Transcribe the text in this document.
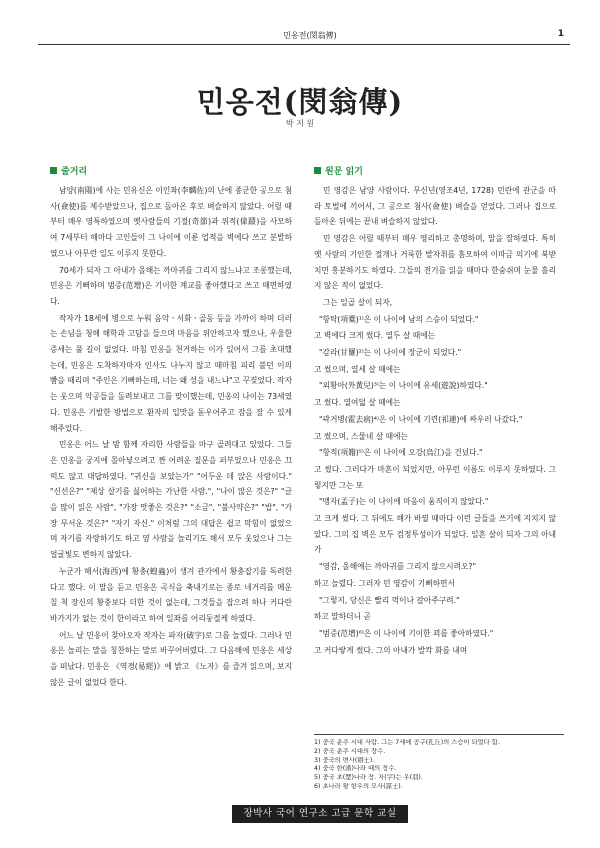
민옹전(閔翁傳)	1
민옹전(閔翁傳)
박 지 원
줄거리

남양(南陽)에 사는 민유신은 이인좌(李麟佐)의 난에 종군한 공으로 첨사(僉使)를 제수받았으나, 집으로 돌아온 후로 벼슬하지 않았다. 어릴 때부터 매우 영특하였으며 옛사람들의 기절(奇節)과 위적(偉蹟)을 사모하여 7세부터 해마다 고인들이 그 나이에 이룬 업적을 벽에다 쓰고 분발하였으나 아무런 일도 이루지 못한다.

70세가 되자 그 아내가 올해는 까마귀를 그리지 않느냐고 조롱했는데, 민옹은 기뻐하며 범증(范增)은 기이한 계교를 좋아했다고 쓰고 때면하였다.

작자가 18세에 병으로 누워 음악ㆍ서화ㆍ골동 등을 가까이 하며 더러는 손님을 청해 해학과 고담을 들으며 마음을 위안하고자 했으나, 우울한 증세는 풀 길이 없었다. 마침 민옹을 천거하는 이가 있어서 그를 초대했는데, 민옹은 도착하자마자 인사도 나누지 않고 때마침 피리 불던 이의 뺨을 때리며 "주인은 기뻐하는데, 너는 왜 성을 내느냐"고 꾸짖었다. 작자는 웃으며 악공들을 돌려보내고 그를 맞이했는데, 민옹의 나이는 73세였다. 민옹은 기발한 방법으로 환자의 입맛을 돋우어주고 잠을 잘 수 있게 해주었다.

민옹은 어느 날 밤 함께 자리한 사람들을 마구 골려대고 있었다. 그들은 민옹을 궁지에 몰아넣으려고 짠 어려운 질문을 퍼부었으나 민옹은 끄떡도 않고 대답하였다. "귀신을 보았는가" "어두운 데 앉은 사람이다." "신선은?" "제상 살기를 싫어하는 가난한 사람.", "나이 많은 것은?" "글을 많이 읽은 사람", "가장 맛좋은 것은?" "소금", "불사약은?" "밥", "가장 무서운 것은?" "자기 자신." 이처럼 그의 대답은 쉽고 막힘이 없었으며 자기를 자랑하기도 하고 옆 사람을 놀리기도 해서 모두 웃었으나 그는 얼굴빛도 변하지 않았다.

누군가 해서(海西)에 황충(蝗蟲)이 생겨 관가에서 황충잡기를 독려한다고 했다. 이 말을 듣고 민옹은 곡식을 축내기로는 종로 네거리를 메운 칠 척 장신의 황충보다 더한 것이 없는데, 그것들을 잡으려 하나 커다란 바가지가 없는 것이 한이라고 하여 일좌를 어리둥절케 하였다.

어느 날 민옹이 찾아오자 작자는 파자(破字)로 그를 놀렸다. 그러나 민옹은 놀리는 말을 칭찬하는 말로 바꾸어버렸다. 그 다음해에 민옹은 세상을 떠났다. 민옹은 《역경(易經)》에 밝고 《노자》를 즐겨 읽으며, 보지 않은 글이 없었다 한다.

원문 읽기

민 영감은 남양 사람이다. 무신년(영조4년, 1728) 민란에 관군을 따라 토벌에 끼어서, 그 공으로 첨사(僉使) 벼슬을 얻었다. 그러나 집으로 돌아온 뒤에는 끝내 벼슬하지 않았다.

민 영감은 어릴 때부터 매우 영리하고 총명하며, 말을 잘하였다. 특히 옛 사람의 기인한 절개나 거룩한 발자취를 흠모하여 이따금 의기에 북받치면 흥분하기도 하였다. 그들의 전기를 읽을 때마다 한숨쉬며 눈물 흘리지 않은 적이 없었다.

그는 일곱 살이 되자,

"항탁(項橐)¹⁾은 이 나이에 남의 스승이 되었다."

고 벽에다 크게 썼다. 열두 살 때에는

"감라(甘羅)²⁾는 이 나이에 장군이 되었다."

고 썼으며, 열세 살 때에는

"외황아(外黃兒)³⁾는 이 나이에 유세(遊說)하였다."

고 썼다. 열여덟 살 때에는

"곽거병(霍去病)⁴⁾은 이 나이에 기련(祁連)에 싸우러 나갔다."

고 썼으며, 스물네 살 때에는

"항적(項籍)⁵⁾은 이 나이에 오강(烏江)을 건넜다."

고 썼다. 그러다가 마흔이 되었지만, 아무런 이름도 이루지 못하였다. 그렇지만 그는 또

"맹자(孟子)는 이 나이에 마음이 움직이지 않았다."

고 크게 썼다. 그 뒤에도 해가 바뀔 때마다 이런 글들을 쓰기에 지치지 않았다. 그의 집 벽은 모두 검정투성이가 되었다. 일흔 살이 되자 그의 아내가

"영감, 올해에는 까마귀를 그리지 않으시려오?"

하고 놀렸다. 그러자 민 영감이 기뻐하면서

"그렇지, 당신은 빨리 먹이나 갈아주구려."

하고 말하더니 곧

"범증(范增)⁶⁾은 이 나이에 기이한 꾀를 좋아하였다."

고 커다랗게 썼다. 그의 아내가 발칵 화를 내며

1) 중국 춘추 시대 사람. 그는 7세에 공구(孔丘)의 스승이 되었다 함.
2) 중국 춘추 시대의 장수.
3) 중국의 변사(辯士).
4) 중국 한(漢)나라 때의 장수.
5) 중국 초(楚)나라 장. 자(字)는 우(羽).
6) 초나라 왕 항우의 모사(謀士).
장박사 국어 연구소 고급 문학 교실
